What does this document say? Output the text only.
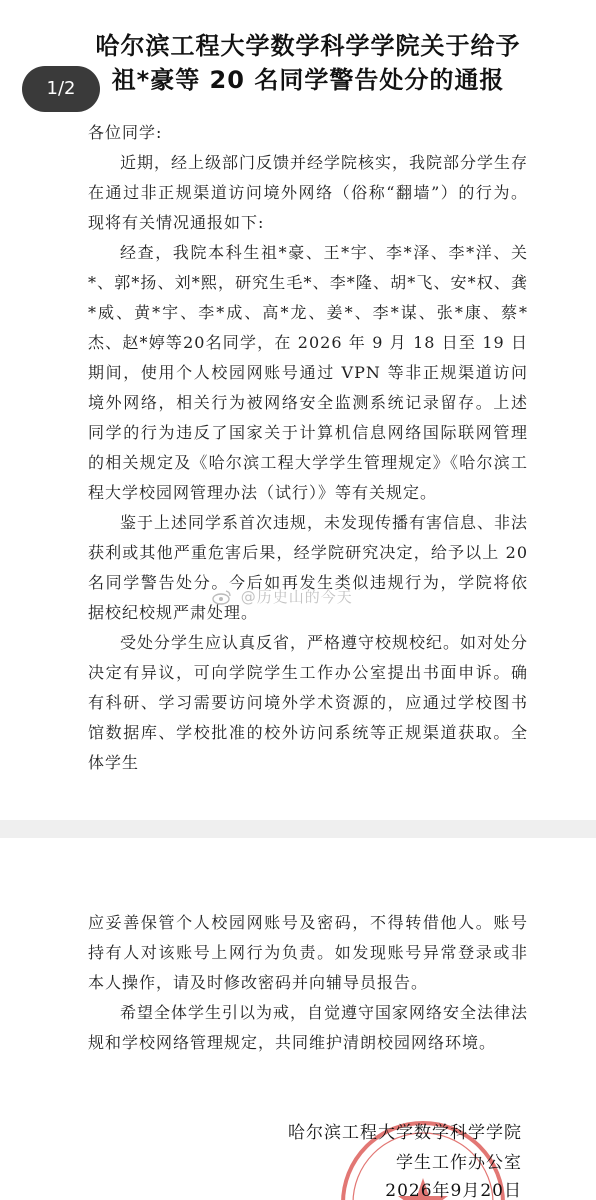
1/2
哈尔滨工程大学数学科学学院关于给予
祖*豪等 20 名同学警告处分的通报
各位同学:

近期，经上级部门反馈并经学院核实，我院部分学生存在通过非正规渠道访问境外网络（俗称“翻墙”）的行为。现将有关情况通报如下:

经查，我院本科生祖*豪、王*宇、李*泽、李*洋、关*、郭*扬、刘*熙，研究生毛*、李*隆、胡*飞、安*权、龚*威、黄*宇、李*成、高*龙、姜*、李*谋、张*康、蔡*杰、赵*婷等20名同学，在 2026 年 9 月 18 日至 19 日期间，使用个人校园网账号通过 VPN 等非正规渠道访问境外网络，相关行为被网络安全监测系统记录留存。上述同学的行为违反了国家关于计算机信息网络国际联网管理的相关规定及《哈尔滨工程大学学生管理规定》《哈尔滨工程大学校园网管理办法（试行）》等有关规定。

鉴于上述同学系首次违规，未发现传播有害信息、非法获利或其他严重危害后果，经学院研究决定，给予以上 20 名同学警告处分。今后如再发生类似违规行为，学院将依据校纪校规严肃处理。

受处分学生应认真反省，严格遵守校规校纪。如对处分决定有异议，可向学院学生工作办公室提出书面申诉。确有科研、学习需要访问境外学术资源的，应通过学校图书馆数据库、学校批准的校外访问系统等正规渠道获取。全体学生

@历史山的今天

应妥善保管个人校园网账号及密码，不得转借他人。账号持有人对该账号上网行为负责。如发现账号异常登录或非本人操作，请及时修改密码并向辅导员报告。

希望全体学生引以为戒，自觉遵守国家网络安全法律法规和学校网络管理规定，共同维护清朗校园网络环境。

哈尔滨工程大学数学科学学院
学生工作办公室
2026年9月20日
